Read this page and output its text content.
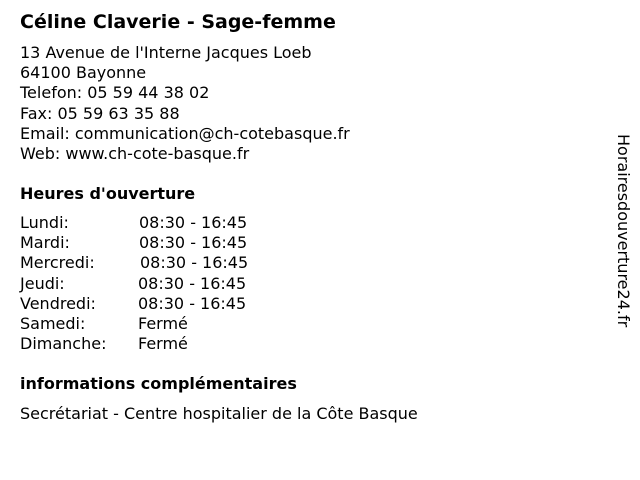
Céline Claverie - Sage-femme
13 Avenue de l'Interne Jacques Loeb
64100 Bayonne
Telefon: 05 59 44 38 02
Fax: 05 59 63 35 88
Email: communication@ch-cotebasque.fr
Web: www.ch-cote-basque.fr
Heures d'ouverture
Lundi:	08:30 - 16:45
Mardi:	08:30 - 16:45
Mercredi:	08:30 - 16:45
Jeudi:	08:30 - 16:45
Vendredi:	08:30 - 16:45
Samedi:	Fermé
Dimanche: Fermé
informations complémentaires
Secrétariat - Centre hospitalier de la Côte Basque
Horairesdouverture24.fr
